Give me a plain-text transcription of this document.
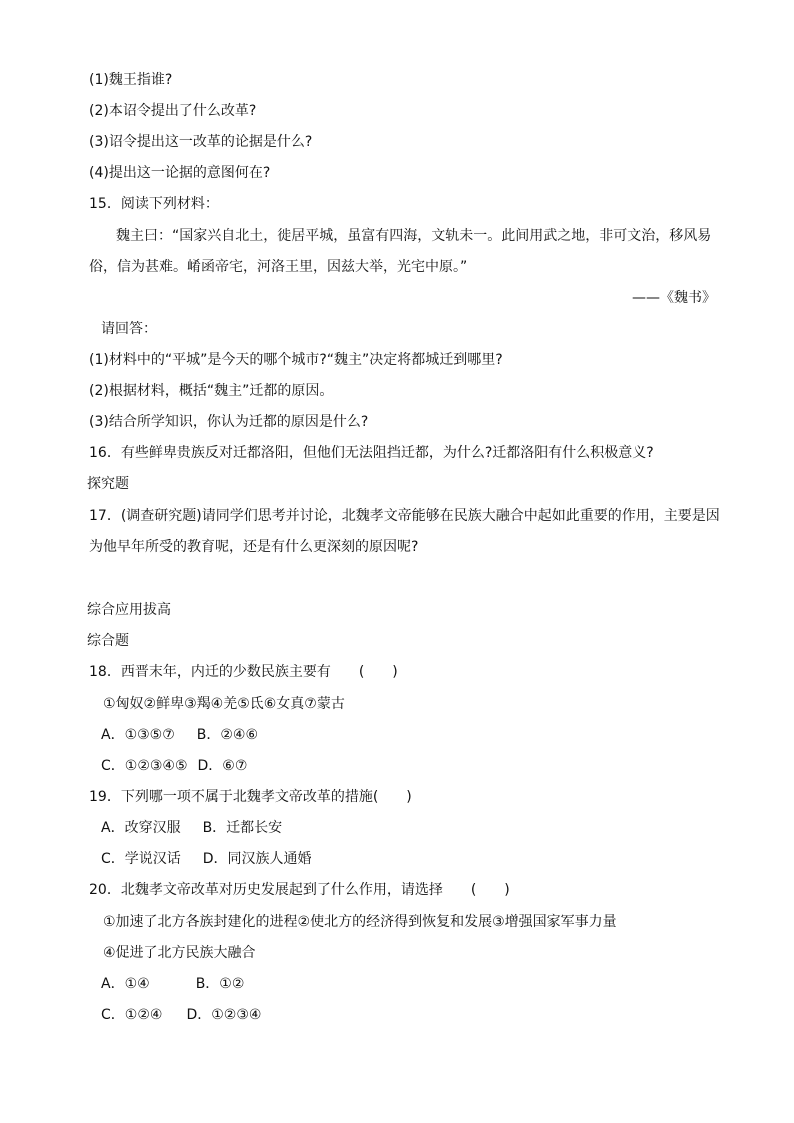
(1)魏王指谁?
(2)本诏令提出了什么改革?
(3)诏令提出这一改革的论据是什么?
(4)提出这一论据的意图何在?
15．阅读下列材料：
魏主曰：“国家兴自北土，徙居平城，虽富有四海，文轨未一。此间用武之地，非可文治，移风易
俗，信为甚难。崤函帝宅，河洛王里，因兹大举，光宅中原。”
——《魏书》
请回答：
(1)材料中的“平城”是今天的哪个城市?“魏主”决定将都城迁到哪里?
(2)根据材料，概括“魏主”迁都的原因。
(3)结合所学知识，你认为迁都的原因是什么?
16．有些鲜卑贵族反对迁都洛阳，但他们无法阻挡迁都，为什么?迁都洛阳有什么积极意义?
探究题
17．(调查研究题)请同学们思考并讨论，北魏孝文帝能够在民族大融合中起如此重要的作用，主要是因
为他早年所受的教育呢，还是有什么更深刻的原因呢?
综合应用拔高
综合题
18．西晋末年，内迁的少数民族主要有 (　　)
①匈奴②鲜卑③羯④羌⑤氐⑥女真⑦蒙古
A．①③⑤⑦ B．②④⑥
C．①②③④⑤ D．⑥⑦
19．下列哪一项不属于北魏孝文帝改革的措施(　　)
A．改穿汉服 B．迁都长安
C．学说汉话 D．同汉族人通婚
20．北魏孝文帝改革对历史发展起到了什么作用，请选择 (　　)
①加速了北方各族封建化的进程②使北方的经济得到恢复和发展③增强国家军事力量
④促进了北方民族大融合
A．①④	B．①②
C．①②④ D．①②③④
